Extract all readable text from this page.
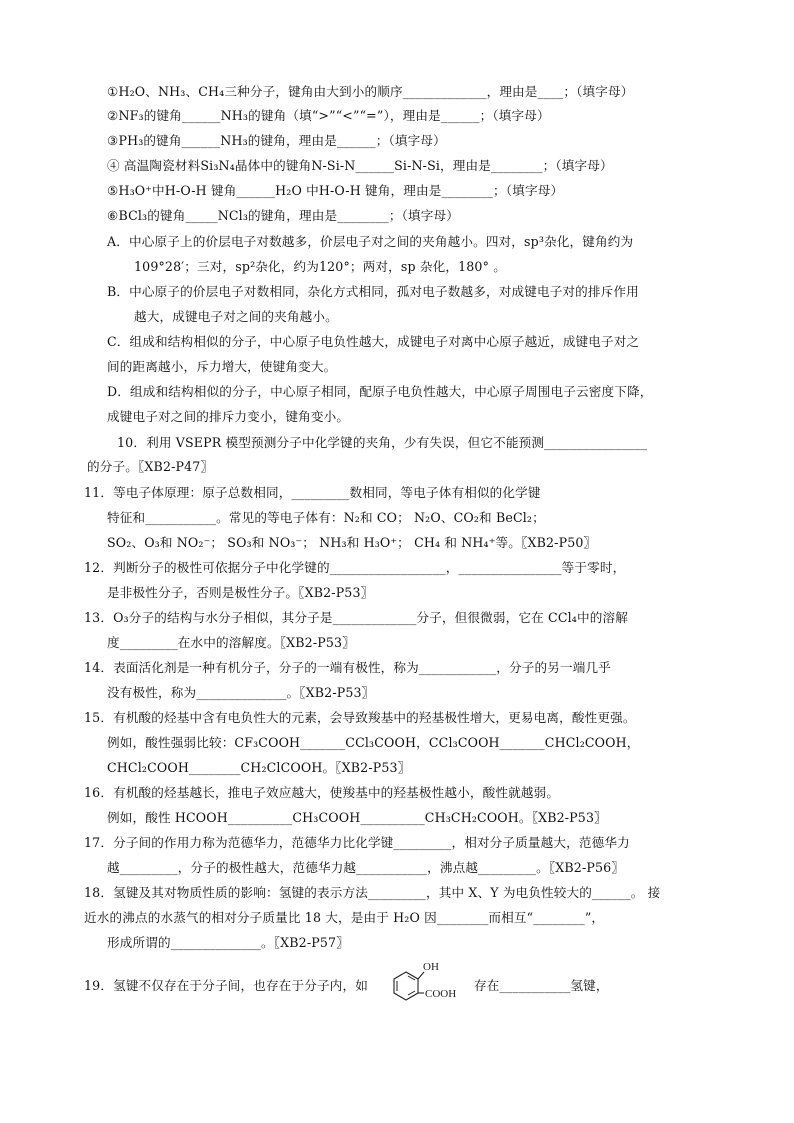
①H₂O、NH₃、CH₄三种分子，键角由大到小的顺序_____________，理由是____；（填字母）
②NF₃的键角______NH₃的键角（填“>”“<”“=”），理由是______；（填字母）
③PH₃的键角______NH₃的键角，理由是______；（填字母）
④ 高温陶瓷材料Si₃N₄晶体中的键角N-Si-N______Si-N-Si，理由是________；（填字母）
⑤H₃O⁺中H-O-H 键角______H₂O 中H-O-H 键角，理由是________；（填字母）
⑥BCl₃的键角_____NCl₃的键角，理由是________；（填字母）
A．中心原子上的价层电子对数越多，价层电子对之间的夹角越小。四对，sp³杂化，键角约为
109°28′；三对，sp²杂化，约为120°；两对，sp 杂化，180° 。
B．中心原子的价层电子对数相同，杂化方式相同，孤对电子数越多，对成键电子对的排斥作用
越大，成键电子对之间的夹角越小。
C．组成和结构相似的分子，中心原子电负性越大，成键电子对离中心原子越近，成键电子对之
间的距离越小，斥力增大，使键角变大。
D．组成和结构相似的分子，中心原子相同，配原子电负性越大，中心原子周围电子云密度下降，
成键电子对之间的排斥力变小，键角变小。
10．利用 VSEPR 模型预测分子中化学键的夹角，少有失误，但它不能预测________________
的分子。〖XB2-P47〗
11．等电子体原理：原子总数相同，_________数相同，等电子体有相似的化学键
特征和___________。常见的等电子体有：N₂和 CO； N₂O、CO₂和 BeCl₂；
SO₂、O₃和 NO₂⁻； SO₃和 NO₃⁻； NH₃和 H₃O⁺； CH₄ 和 NH₄⁺等。〖XB2-P50〗
12．判断分子的极性可依据分子中化学键的__________________，________________等于零时，
是非极性分子，否则是极性分子。〖XB2-P53〗
13．O₃分子的结构与水分子相似，其分子是_____________分子，但很微弱，它在 CCl₄中的溶解
度_________在水中的溶解度。〖XB2-P53〗
14．表面活化剂是一种有机分子，分子的一端有极性，称为____________，分子的另一端几乎
没有极性，称为______________。〖XB2-P53〗
15．有机酸的烃基中含有电负性大的元素，会导致羧基中的羟基极性增大，更易电离，酸性更强。
例如，酸性强弱比较：CF₃COOH_______CCl₃COOH，CCl₃COOH_______CHCl₂COOH，
CHCl₂COOH________CH₂ClCOOH。〖XB2-P53〗
16．有机酸的烃基越长，推电子效应越大，使羧基中的羟基极性越小，酸性就越弱。
例如，酸性 HCOOH__________CH₃COOH__________CH₃CH₂COOH。〖XB2-P53〗
17．分子间的作用力称为范德华力，范德华力比化学键_________，相对分子质量越大，范德华力
越_________，分子的极性越大，范德华力越___________，沸点越_________。〖XB2-P56〗
18．氢键及其对物质性质的影响：氢键的表示方法_________，其中 X、Y 为电负性较大的______。 接
近水的沸点的水蒸气的相对分子质量比 18 大，是由于 H₂O 因________而相互“________”，
形成所谓的______________。〖XB2-P57〗
19．氢键不仅存在于分子间，也存在于分子内，如
OH
COOH
存在___________氢键，
